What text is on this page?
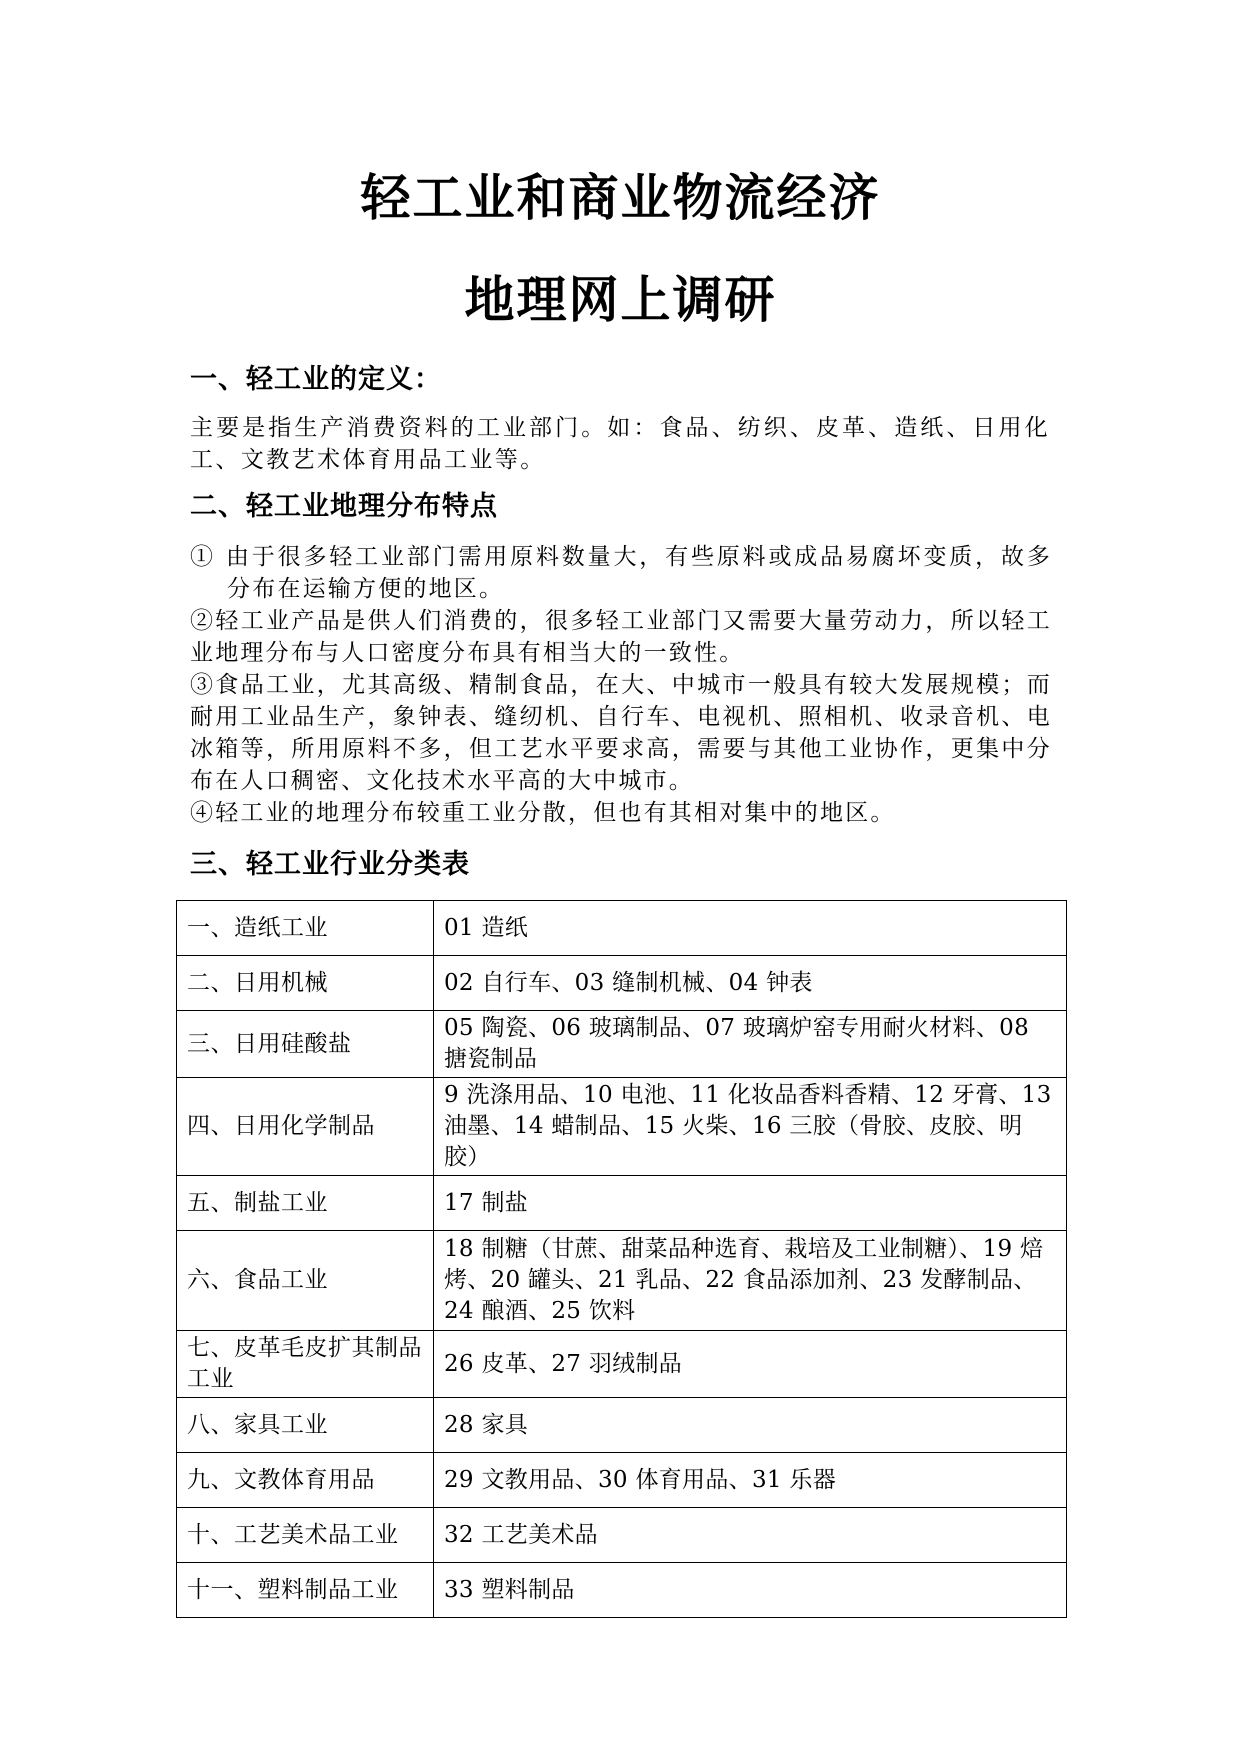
轻工业和商业物流经济
地理网上调研
一、轻工业的定义：
主要是指生产消费资料的工业部门。如：食品、纺织、皮革、造纸、日用化工、文教艺术体育用品工业等。
二、轻工业地理分布特点

① 由于很多轻工业部门需用原料数量大，有些原料或成品易腐坏变质，故多分布在运输方便的地区。

②轻工业产品是供人们消费的，很多轻工业部门又需要大量劳动力，所以轻工业地理分布与人口密度分布具有相当大的一致性。

③食品工业，尤其高级、精制食品，在大、中城市一般具有较大发展规模；而耐用工业品生产，象钟表、缝纫机、自行车、电视机、照相机、收录音机、电冰箱等，所用原料不多，但工艺水平要求高，需要与其他工业协作，更集中分布在人口稠密、文化技术水平高的大中城市。

④轻工业的地理分布较重工业分散，但也有其相对集中的地区。

三、轻工业行业分类表
一、造纸工业	01 造纸
二、日用机械	02 自行车、03 缝制机械、04 钟表
三、日用硅酸盐	05 陶瓷、06 玻璃制品、07 玻璃炉窑专用耐火材料、08 搪瓷制品
四、日用化学制品	9 洗涤用品、10 电池、11 化妆品香料香精、12 牙膏、13 油墨、14 蜡制品、15 火柴、16 三胶（骨胶、皮胶、明胶）
五、制盐工业	17 制盐
六、食品工业	18 制糖（甘蔗、甜菜品种选育、栽培及工业制糖）、19 焙烤、20 罐头、21 乳品、22 食品添加剂、23 发酵制品、24 酿酒、25 饮料
七、皮革毛皮扩其制品工业	26 皮革、27 羽绒制品
八、家具工业	28 家具
九、文教体育用品	29 文教用品、30 体育用品、31 乐器
十、工艺美术品工业	32 工艺美术品
十一、塑料制品工业	33 塑料制品
